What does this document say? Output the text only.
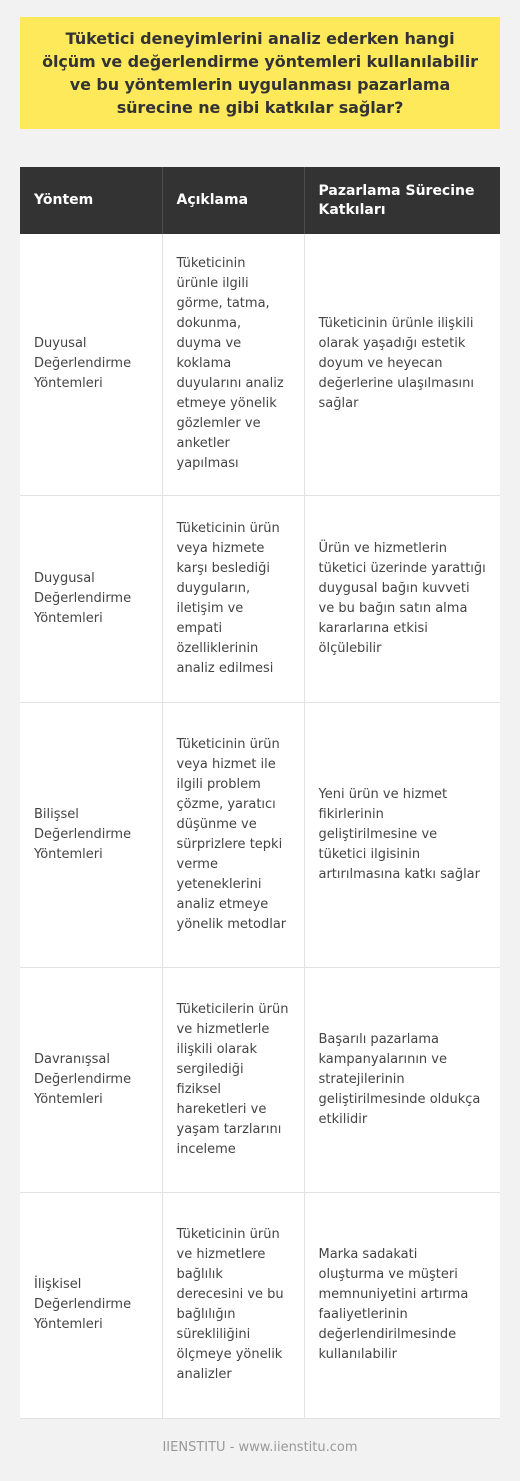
Tüketici deneyimlerini analiz ederken hangi ölçüm ve değerlendirme yöntemleri kullanılabilir ve bu yöntemlerin uygulanması pazarlama sürecine ne gibi katkılar sağlar?
Yöntem	Açıklama	Pazarlama Sürecine Katkıları
Duyusal Değerlendirme Yöntemleri	Tüketicinin ürünle ilgili görme, tatma, dokunma, duyma ve koklama duyularını analiz etmeye yönelik gözlemler ve anketler yapılması	Tüketicinin ürünle ilişkili olarak yaşadığı estetik doyum ve heyecan değerlerine ulaşılmasını sağlar
Duygusal Değerlendirme Yöntemleri	Tüketicinin ürün veya hizmete karşı beslediği duyguların, iletişim ve empati özelliklerinin analiz edilmesi	Ürün ve hizmetlerin tüketici üzerinde yarattığı duygusal bağın kuvveti ve bu bağın satın alma kararlarına etkisi ölçülebilir
Bilişsel Değerlendirme Yöntemleri	Tüketicinin ürün veya hizmet ile ilgili problem çözme, yaratıcı düşünme ve sürprizlere tepki verme yeteneklerini analiz etmeye yönelik metodlar	Yeni ürün ve hizmet fikirlerinin geliştirilmesine ve tüketici ilgisinin artırılmasına katkı sağlar
Davranışsal Değerlendirme Yöntemleri	Tüketicilerin ürün ve hizmetlerle ilişkili olarak sergilediği fiziksel hareketleri ve yaşam tarzlarını inceleme	Başarılı pazarlama kampanyalarının ve stratejilerinin geliştirilmesinde oldukça etkilidir
İlişkisel Değerlendirme Yöntemleri	Tüketicinin ürün ve hizmetlere bağlılık derecesini ve bu bağlılığın sürekliliğini ölçmeye yönelik analizler	Marka sadakati oluşturma ve müşteri memnuniyetini artırma faaliyetlerinin değerlendirilmesinde kullanılabilir
IIENSTITU - www.iienstitu.com
